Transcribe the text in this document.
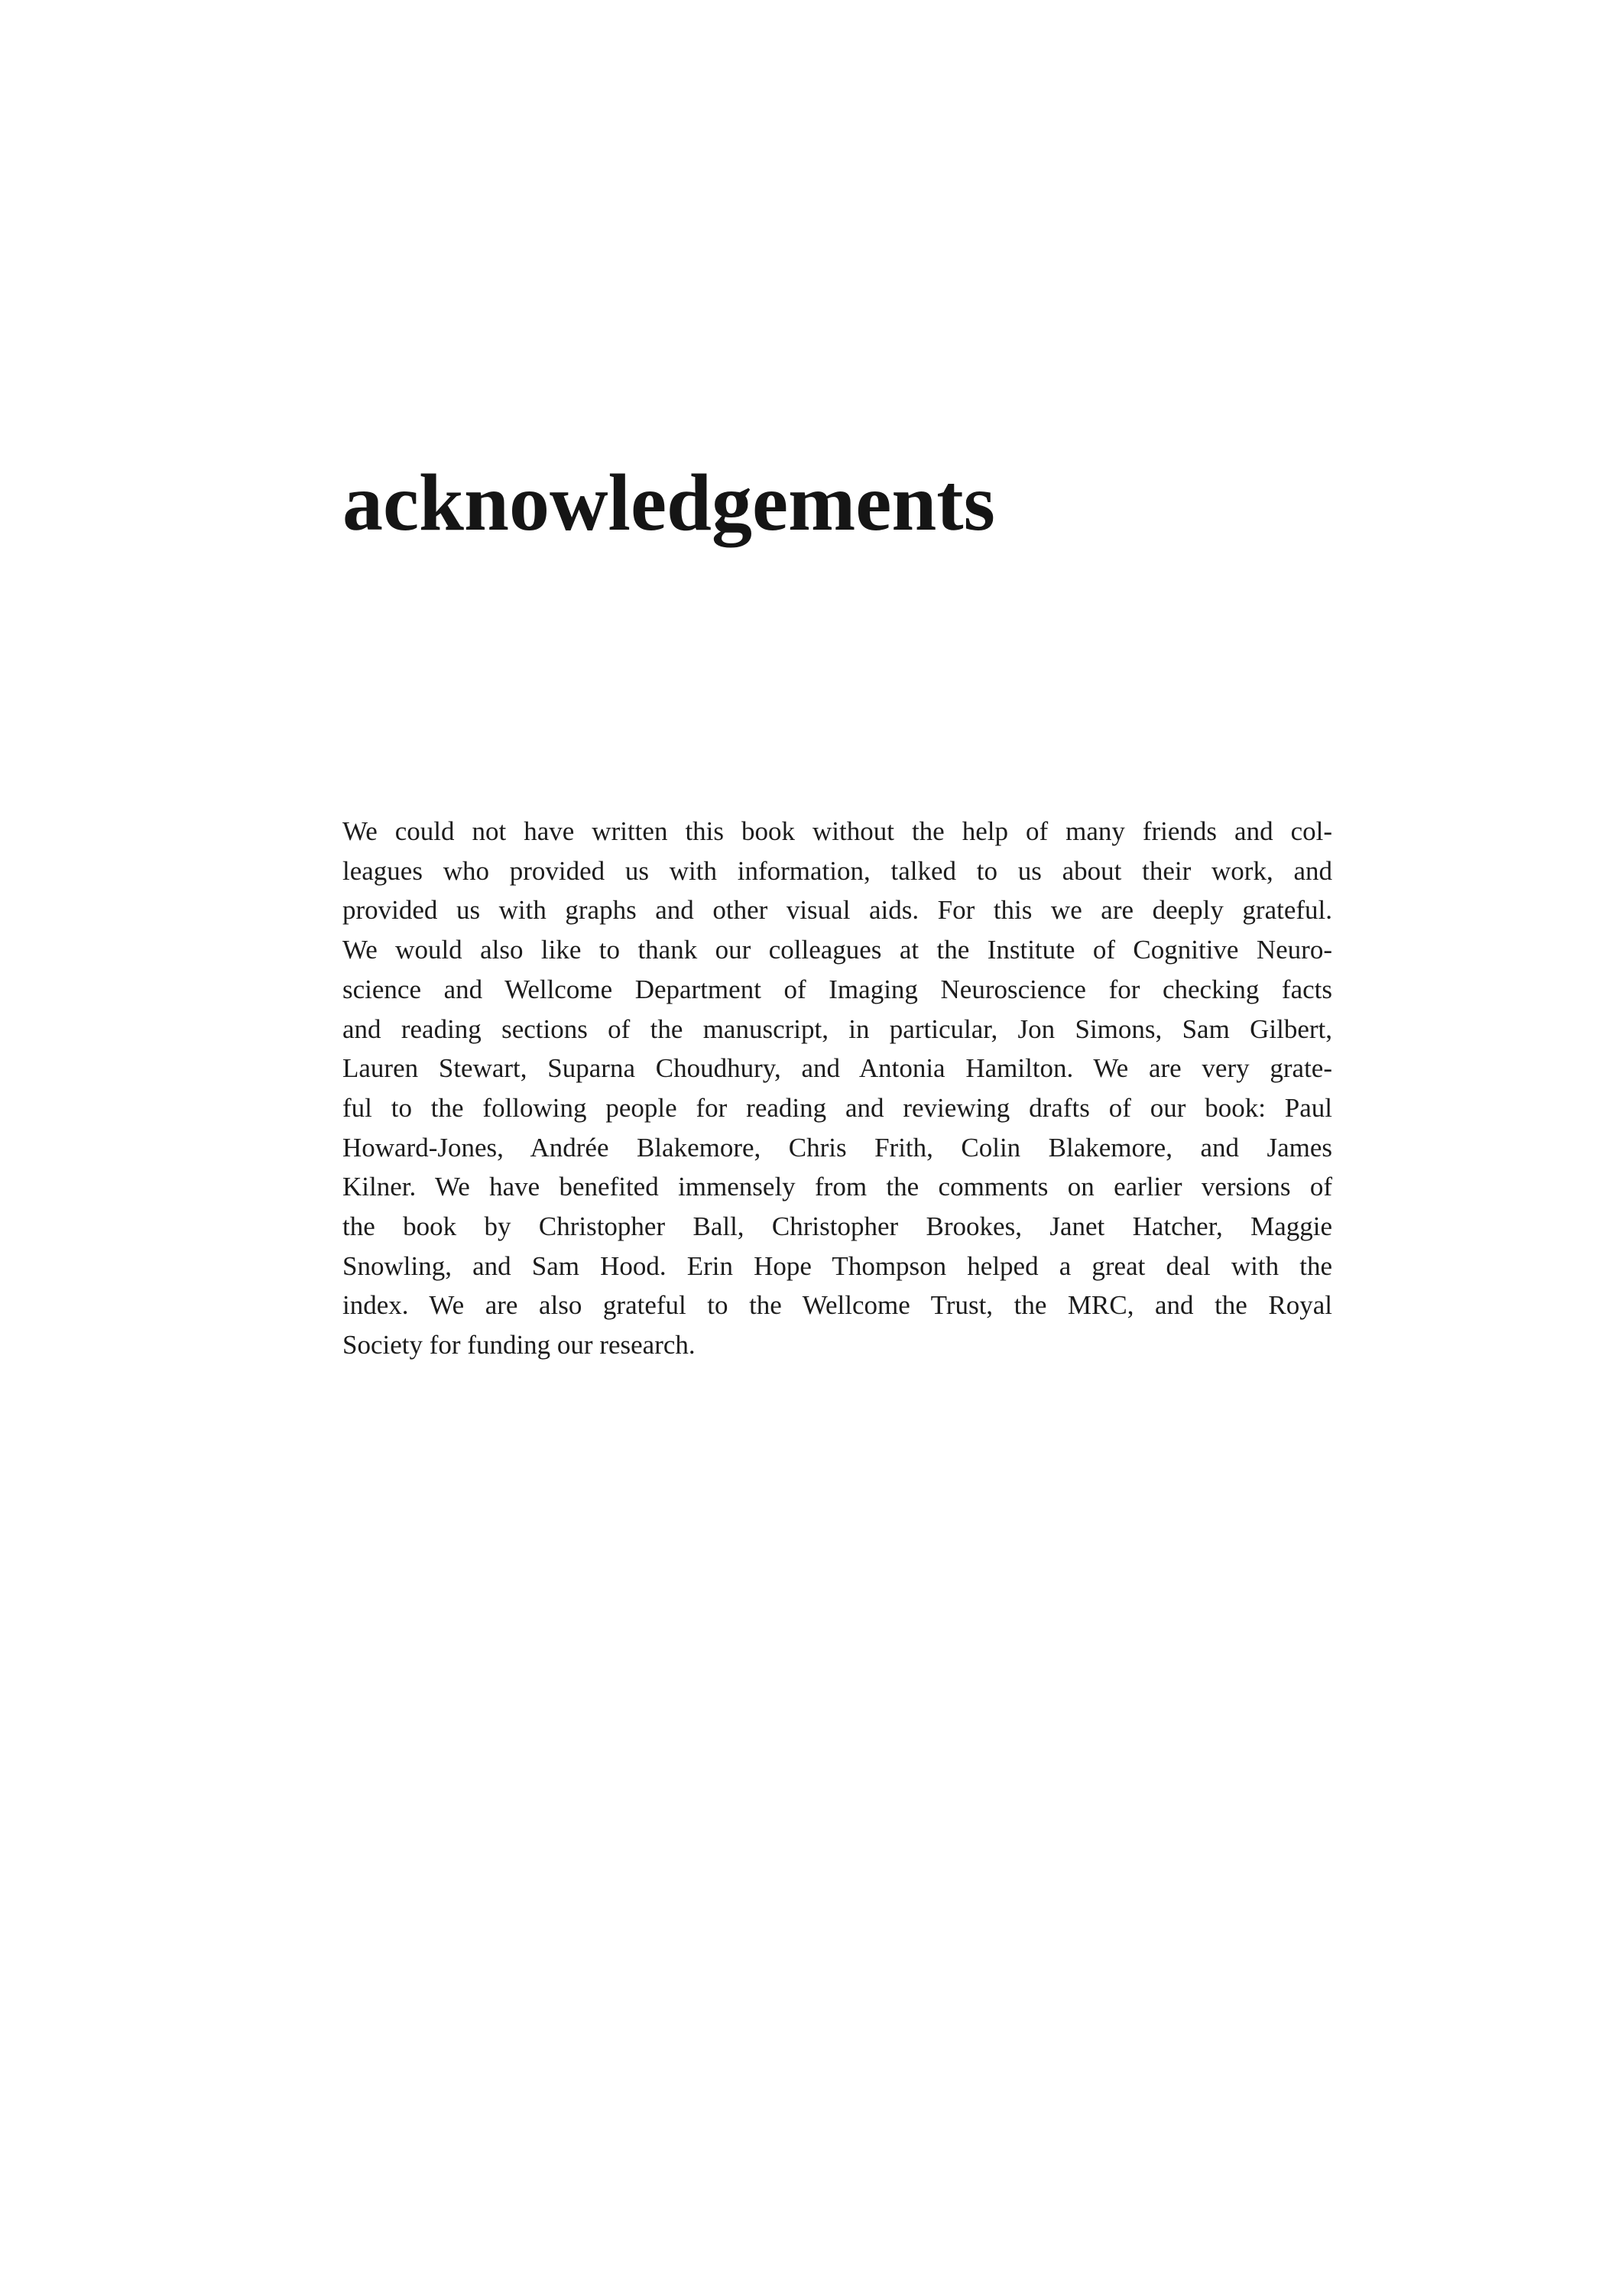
acknowledgements
We could not have written this book without the help of many friends and col-
leagues who provided us with information, talked to us about their work, and
provided us with graphs and other visual aids. For this we are deeply grateful.
We would also like to thank our colleagues at the Institute of Cognitive Neuro-
science and Wellcome Department of Imaging Neuroscience for checking facts
and reading sections of the manuscript, in particular, Jon Simons, Sam Gilbert,
Lauren Stewart, Suparna Choudhury, and Antonia Hamilton. We are very grate-
ful to the following people for reading and reviewing drafts of our book: Paul
Howard-Jones, Andrée Blakemore, Chris Frith, Colin Blakemore, and James
Kilner. We have benefited immensely from the comments on earlier versions of
the book by Christopher Ball, Christopher Brookes, Janet Hatcher, Maggie
Snowling, and Sam Hood. Erin Hope Thompson helped a great deal with the
index. We are also grateful to the Wellcome Trust, the MRC, and the Royal
Society for funding our research.
